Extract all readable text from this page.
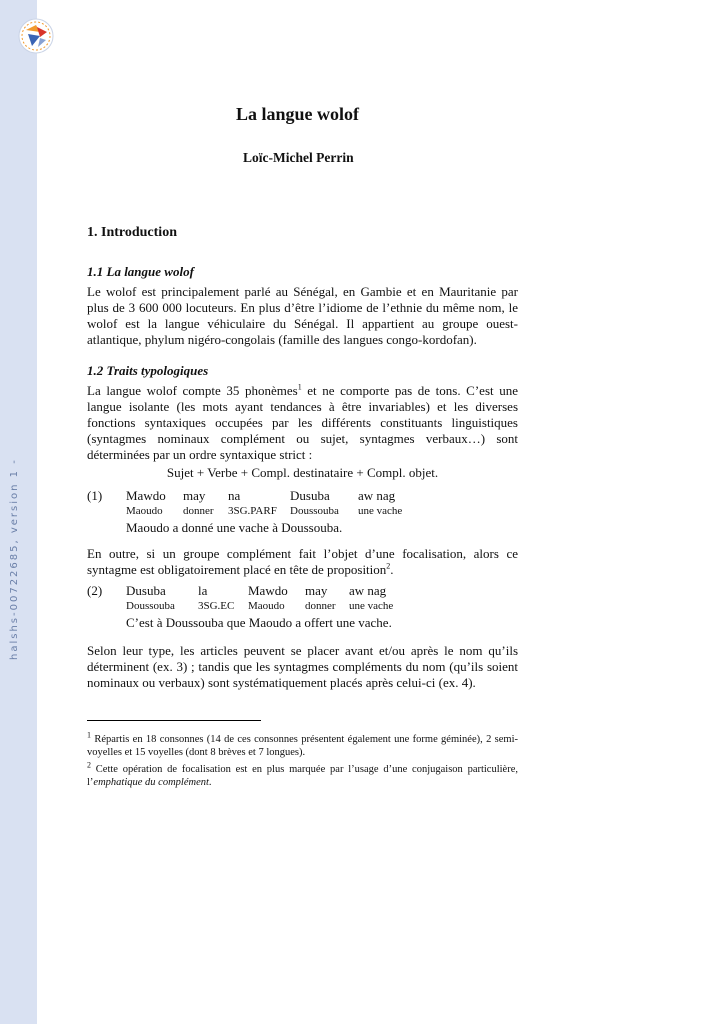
halshs-00722685, version 1 -
La langue wolof
Loïc-Michel Perrin
1. Introduction
1.1 La langue wolof
Le wolof est principalement parlé au Sénégal, en Gambie et en Mauritanie par plus de 3 600 000 locuteurs. En plus d’être l’idiome de l’ethnie du même nom, le wolof est la langue véhiculaire du Sénégal. Il appartient au groupe ouest-atlantique, phylum nigéro-congolais (famille des langues congo-kordofan).
1.2 Traits typologiques
La langue wolof compte 35 phonèmes$^1$ et ne comporte pas de tons. C’est une langue isolante (les mots ayant tendances à être invariables) et les diverses fonctions syntaxiques occupées par les différents constituants linguistiques (syntagmes nominaux complément ou sujet, syntagmes verbaux…) sont déterminées par un ordre syntaxique strict :
Sujet + Verbe + Compl. destinataire + Compl. objet.
(1) Mawdo may na	Dusuba aw nag
Maoudo donner 3SG.PARF Doussouba une vache
Maoudo a donné une vache à Doussouba.
En outre, si un groupe complément fait l’objet d’une focalisation, alors ce syntagme est obligatoirement placé en tête de proposition$^2$.
(2) Dusuba la	Mawdo may aw nag
Doussouba 3SG.EC Maoudo donner une vache
C’est à Doussouba que Maoudo a offert une vache.
Selon leur type, les articles peuvent se placer avant et/ou après le nom qu’ils déterminent (ex. 3) ; tandis que les syntagmes compléments du nom (qu’ils soient nominaux ou verbaux) sont systématiquement placés après celui-ci (ex. 4).
$^1$ Répartis en 18 consonnes (14 de ces consonnes présentent également une forme géminée), 2 semi-voyelles et 15 voyelles (dont 8 brèves et 7 longues).
$^2$ Cette opération de focalisation est en plus marquée par l’usage d’une conjugaison particulière, l’emphatique du complément.
